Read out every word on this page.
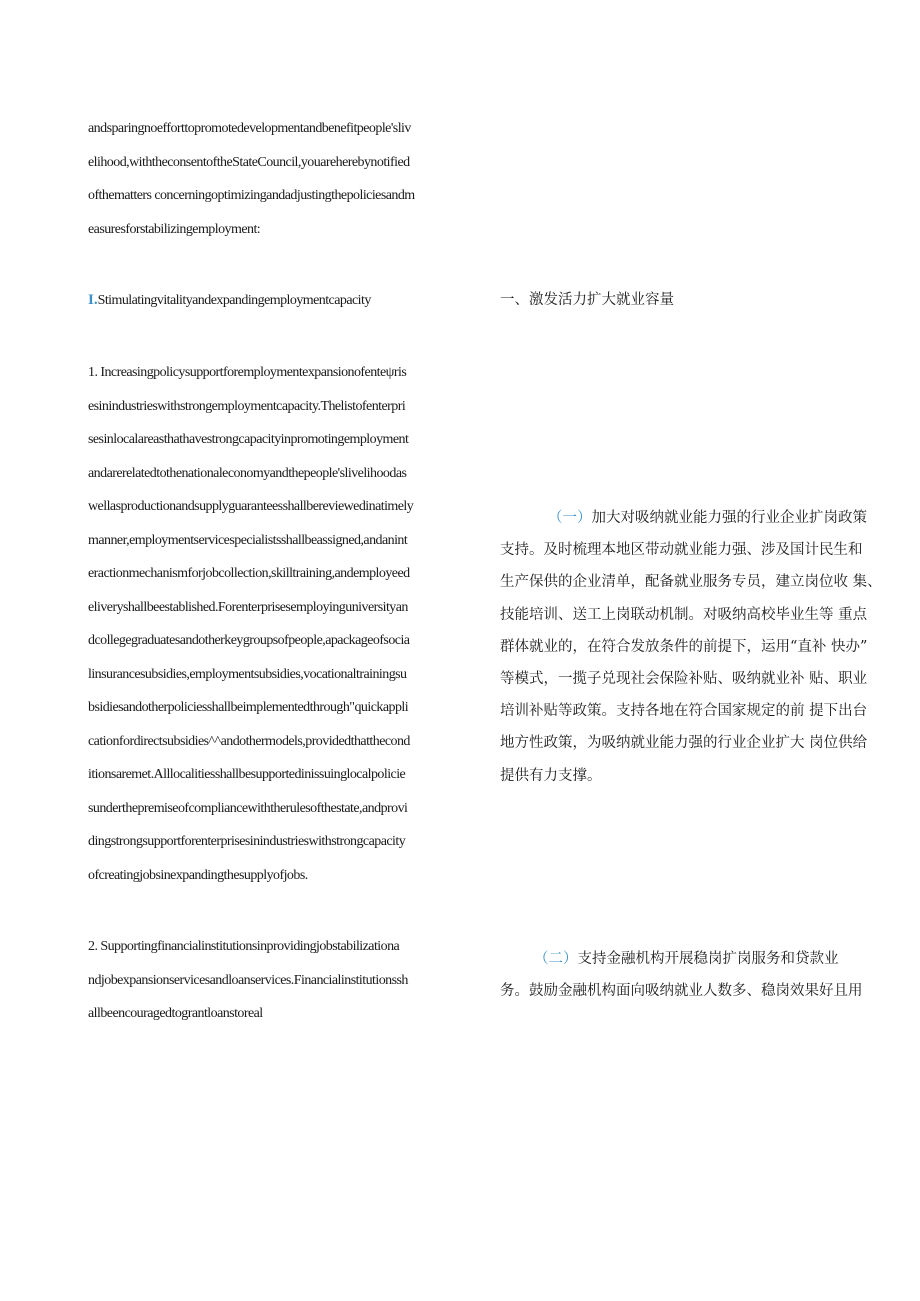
andsparingnoefforttopromotedevelopmentandbenefitpeople'sliv
elihood,withtheconsentoftheStateCouncil,youareherebynotified
ofthematters concerningoptimizingandadjustingthepoliciesandm
easuresforstabilizingemployment:
I.Stimulatingvitalityandexpandingemploymentcapacity	一、激发活力扩大就业容量
1. Increasingpolicysupportforemploymentexpansionofenteψris
esinindustrieswithstrongemploymentcapacity.Thelistofenterpri
sesinlocalareasthathavestrongcapacityinpromotingemployment
andarerelatedtothenationaleconomyandthepeople'slivelihoodas
wellasproductionandsupplyguaranteesshallbereviewedinatimely
manner,employmentservicespecialistsshallbeassigned,andanint
eractionmechanismforjobcollection,skilltraining,andemployeed
eliveryshallbeestablished.Forenterprisesemployinguniversityan
dcollegegraduatesandotherkeygroupsofpeople,apackageofsocia
linsurancesubsidies,employmentsubsidies,vocationaltrainingsu
bsidiesandotherpoliciesshallbeimplementedthrough"quickappli
cationfordirectsubsidies^^andothermodels,providedthatthecond
itionsaremet.Alllocalitiesshallbesupportedinissuinglocalpolicie
sunderthepremiseofcompliancewiththerulesofthestate,andprovi
dingstrongsupportforenterprisesinindustrieswithstrongcapacity
ofcreatingjobsinexpandingthesupplyofjobs.
（一）加大对吸纳就业能力强的行业企业扩岗政策
支持。及时梳理本地区带动就业能力强、涉及国计民生和
生产保供的企业清单，配备就业服务专员，建立岗位收 集、
技能培训、送工上岗联动机制。对吸纳高校毕业生等 重点
群体就业的，在符合发放条件的前提下，运用“直补 快办”
等模式，一揽子兑现社会保险补贴、吸纳就业补 贴、职业
培训补贴等政策。支持各地在符合国家规定的前 提下出台
地方性政策，为吸纳就业能力强的行业企业扩大 岗位供给
提供有力支撑。
2. Supportingfinancialinstitutionsinprovidingjobstabilizationa
ndjobexpansionservicesandloanservices.Financialinstitutionssh
allbeencouragedtograntloanstoreal
（二）支持金融机构开展稳岗扩岗服务和贷款业
务。鼓励金融机构面向吸纳就业人数多、稳岗效果好且用
